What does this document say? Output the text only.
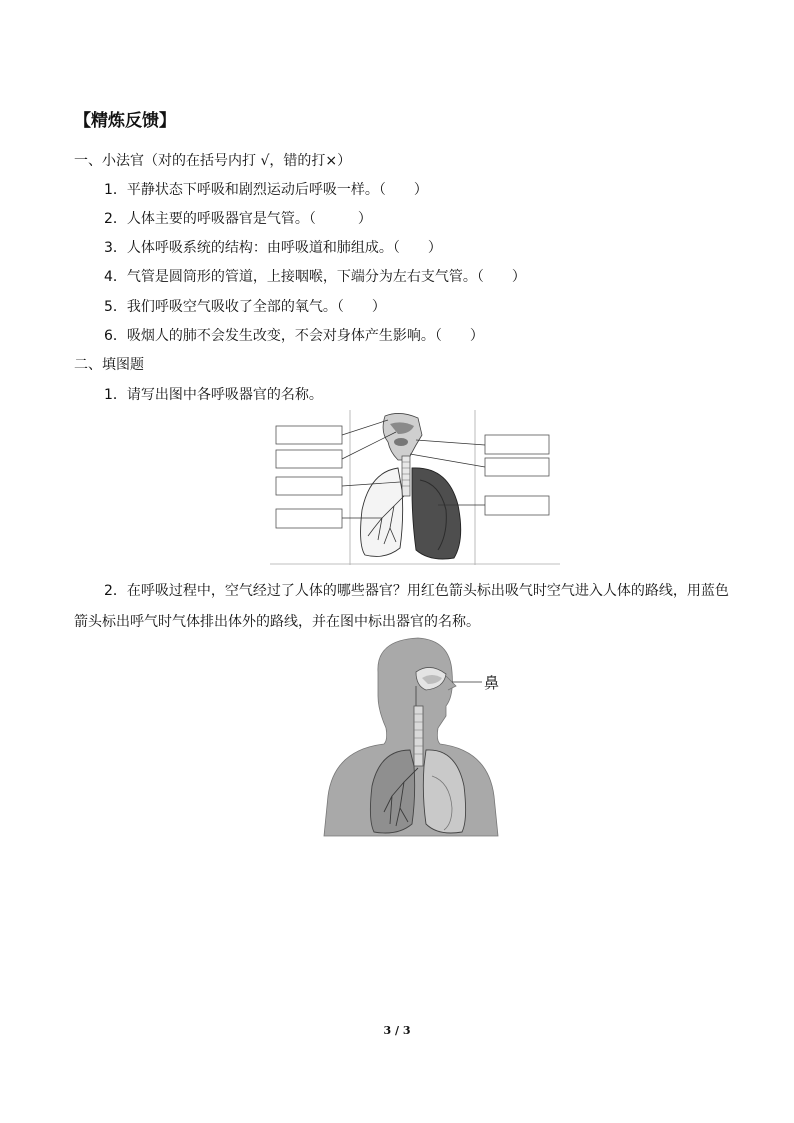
【精炼反馈】
一、小法官（对的在括号内打 √，错的打×）
1．平静状态下呼吸和剧烈运动后呼吸一样。（　　）
2．人体主要的呼吸器官是气管。（　　　）
3．人体呼吸系统的结构：由呼吸道和肺组成。（　　）
4．气管是圆筒形的管道，上接咽喉，下端分为左右支气管。（　　）
5．我们呼吸空气吸收了全部的氧气。（　　）
6．吸烟人的肺不会发生改变，不会对身体产生影响。（　　）
二、填图题
1．请写出图中各呼吸器官的名称。
2．在呼吸过程中，空气经过了人体的哪些器官？用红色箭头标出吸气时空气进入人体的路线，用蓝色箭头标出呼气时气体排出体外的路线，并在图中标出器官的名称。
鼻
3 / 3
